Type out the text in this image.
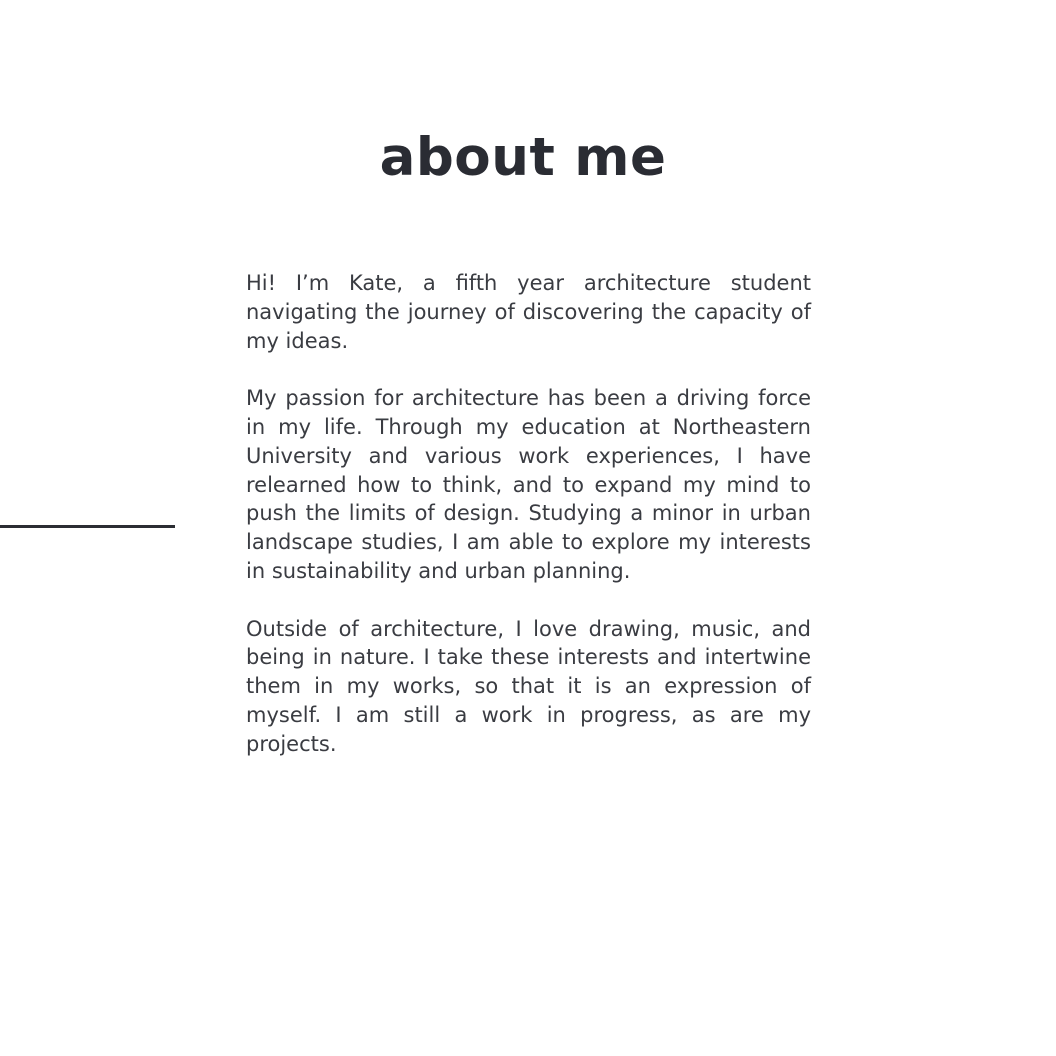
about me

Hi! I’m Kate, a fifth year architecture student navigating the journey of discovering the capacity of my ideas.

My passion for architecture has been a driving force in my life. Through my education at Northeastern University and various work experiences, I have relearned how to think, and to expand my mind to push the limits of design. Studying a minor in urban landscape studies, I am able to explore my interests in sustainability and urban planning.

Outside of architecture, I love drawing, music, and being in nature. I take these interests and intertwine them in my works, so that it is an expression of myself. I am still a work in progress, as are my projects.
